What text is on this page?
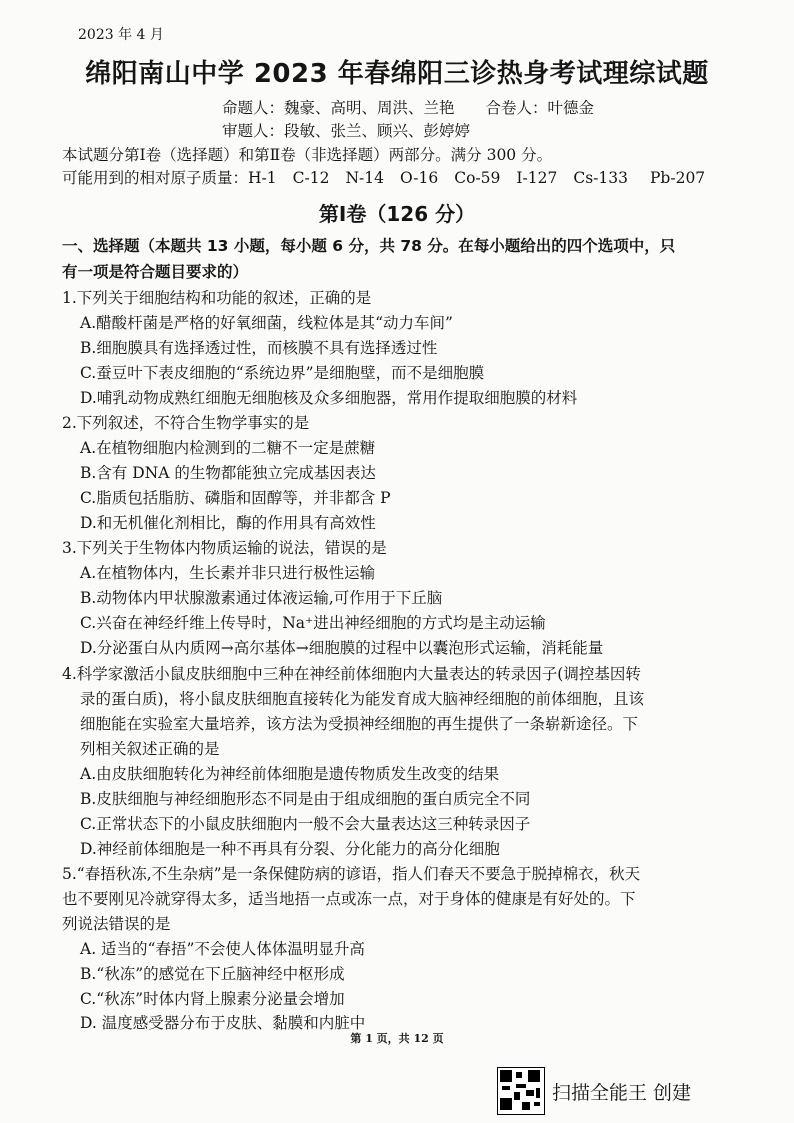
2023 年 4 月
绵阳南山中学 2023 年春绵阳三诊热身考试理综试题
命题人：魏豪、高明、周洪、兰艳　　合卷人：叶德金
审题人：段敏、张兰、顾兴、彭婷婷
本试题分第Ⅰ卷（选择题）和第Ⅱ卷（非选择题）两部分。满分 300 分。
可能用到的相对原子质量：H-1 C-12 N-14 O-16 Co-59 I-127 Cs-133 Pb-207
第Ⅰ卷（126 分）
一、选择题（本题共 13 小题，每小题 6 分，共 78 分。在每小题给出的四个选项中，只
有一项是符合题目要求的）
1.下列关于细胞结构和功能的叙述，正确的是
A.醋酸杆菌是严格的好氧细菌，线粒体是其“动力车间”
B.细胞膜具有选择透过性，而核膜不具有选择透过性
C.蚕豆叶下表皮细胞的“系统边界”是细胞壁，而不是细胞膜
D.哺乳动物成熟红细胞无细胞核及众多细胞器，常用作提取细胞膜的材料
2.下列叙述，不符合生物学事实的是
A.在植物细胞内检测到的二糖不一定是蔗糖
B.含有 DNA 的生物都能独立完成基因表达
C.脂质包括脂肪、磷脂和固醇等，并非都含 P
D.和无机催化剂相比，酶的作用具有高效性
3.下列关于生物体内物质运输的说法，错误的是
A.在植物体内，生长素并非只进行极性运输
B.动物体内甲状腺激素通过体液运输,可作用于下丘脑
C.兴奋在神经纤维上传导时，Na⁺进出神经细胞的方式均是主动运输
D.分泌蛋白从内质网→高尔基体→细胞膜的过程中以囊泡形式运输，消耗能量
4.科学家激活小鼠皮肤细胞中三种在神经前体细胞内大量表达的转录因子(调控基因转
录的蛋白质)，将小鼠皮肤细胞直接转化为能发育成大脑神经细胞的前体细胞，且该
细胞能在实验室大量培养，该方法为受损神经细胞的再生提供了一条崭新途径。下
列相关叙述正确的是
A.由皮肤细胞转化为神经前体细胞是遗传物质发生改变的结果
B.皮肤细胞与神经细胞形态不同是由于组成细胞的蛋白质完全不同
C.正常状态下的小鼠皮肤细胞内一般不会大量表达这三种转录因子
D.神经前体细胞是一种不再具有分裂、分化能力的高分化细胞
5.“春捂秋冻,不生杂病”是一条保健防病的谚语，指人们春天不要急于脱掉棉衣，秋天
也不要刚见冷就穿得太多，适当地捂一点或冻一点，对于身体的健康是有好处的。下
列说法错误的是
A. 适当的“春捂”不会使人体体温明显升高
B.“秋冻”的感觉在下丘脑神经中枢形成
C.“秋冻”时体内肾上腺素分泌量会增加
D. 温度感受器分布于皮肤、黏膜和内脏中
第 1 页，共 12 页
扫描全能王 创建
